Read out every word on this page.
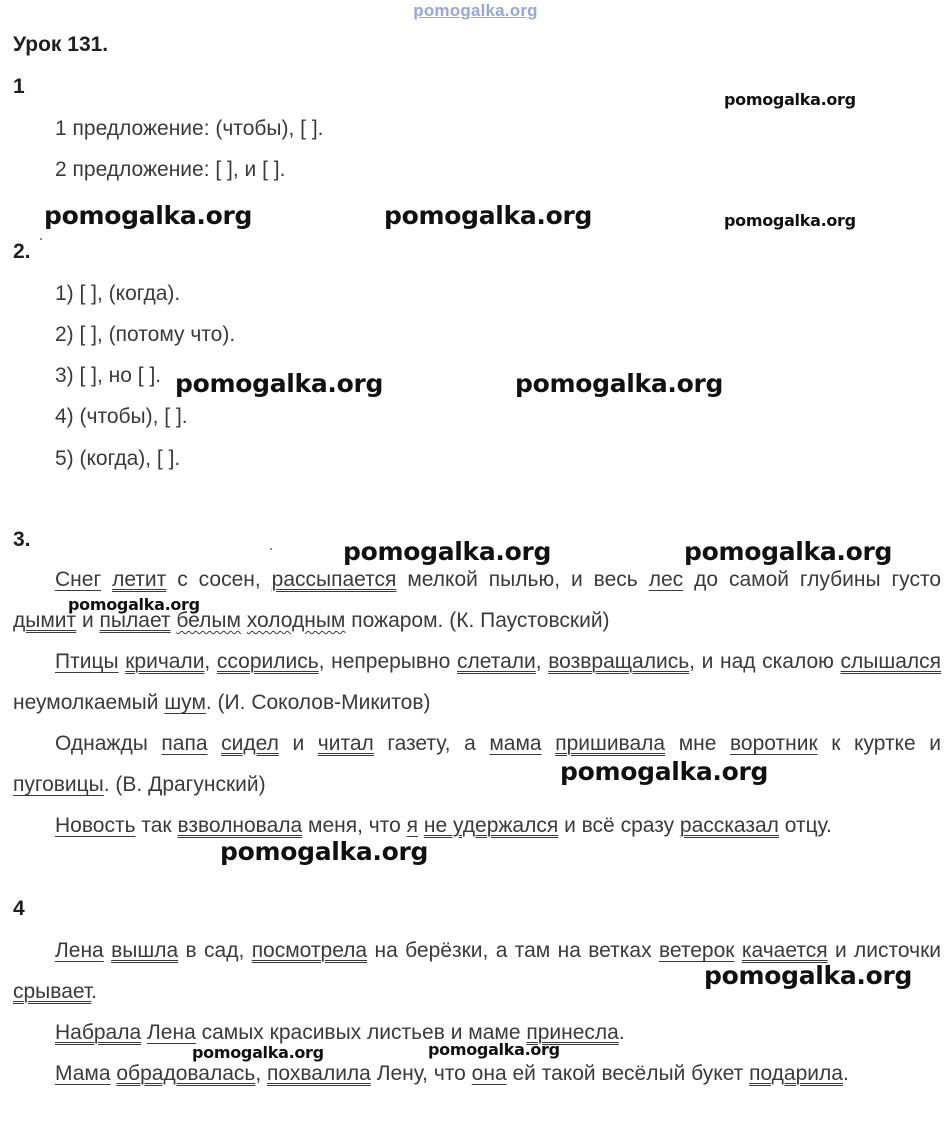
pomogalka.org
Урок 131.
1
1 предложение: (чтобы), [ ].
2 предложение: [ ], и [ ].
2.
1) [ ], (когда).
2) [ ], (потому что).
3) [ ], но [ ].
4) (чтобы), [ ].
5) (когда), [ ].
3.
Снег летит с сосен, рассыпается мелкой пылью, и весь лес до самой глубины густо дымит и пылает белым холодным пожаром. (К. Паустовский)
Птицы кричали, ссорились, непрерывно слетали, возвращались, и над скалою слышался неумолкаемый шум. (И. Соколов-Микитов)
Однажды папа сидел и читал газету, а мама пришивала мне воротник к куртке и пуговицы. (В. Драгунский)
Новость так взволновала меня, что я не удержался и всё сразу рассказал отцу.
4
Лена вышла в сад, посмотрела на берёзки, а там на ветках ветерок качается и листочки срывает.
Набрала Лена самых красивых листьев и маме принесла.
Мама обрадовалась, похвалила Лену, что она ей такой весёлый букет подарила.
pomogalka.org
pomogalka.org	pomogalka.org	pomogalka.org
pomogalka.org	pomogalka.org
pomogalka.org	pomogalka.org
pomogalka.org
pomogalka.org
pomogalka.org
pomogalka.org
pomogalka.org	pomogalka.org
